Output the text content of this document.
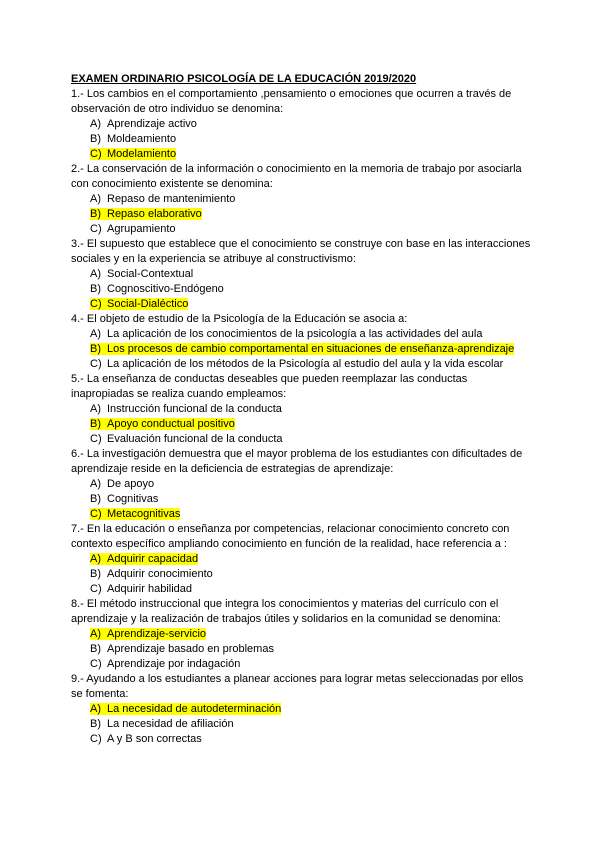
EXAMEN ORDINARIO PSICOLOGÍA DE LA EDUCACIÓN 2019/2020
1.- Los cambios en el comportamiento ,pensamiento o emociones que ocurren a través de observación de otro individuo se denomina:
A) Aprendizaje activo
B) Moldeamiento
C) Modelamiento
2.- La conservación de la información o conocimiento en la memoria de trabajo por asociarla con conocimiento existente se denomina:
A) Repaso de mantenimiento
B) Repaso elaborativo
C) Agrupamiento
3.- El supuesto que establece que el conocimiento se construye con base en las interacciones sociales y en la experiencia se atribuye al constructivismo:
A) Social-Contextual
B) Cognoscitivo-Endógeno
C) Social-Dialéctico
4.- El objeto de estudio de la Psicología de la Educación se asocia a:
A) La aplicación de los conocimientos de la psicología a las actividades del aula
B) Los procesos de cambio comportamental en situaciones de enseñanza-aprendizaje
C) La aplicación de los métodos de la Psicología al estudio del aula y la vida escolar
5.- La enseñanza de conductas deseables que pueden reemplazar las conductas inapropiadas se realiza cuando empleamos:
A) Instrucción funcional de la conducta
B) Apoyo conductual positivo
C) Evaluación funcional de la conducta
6.- La investigación demuestra que el mayor problema de los estudiantes con dificultades de aprendizaje reside en la deficiencia de estrategias de aprendizaje:
A) De apoyo
B) Cognitivas
C) Metacognitivas
7.- En la educación o enseñanza por competencias, relacionar conocimiento concreto con contexto específico ampliando conocimiento en función de la realidad, hace referencia a :
A) Adquirir capacidad
B) Adquirir conocimiento
C) Adquirir habilidad
8.- El método instruccional que integra los conocimientos y materias del currículo con el aprendizaje y la realización de trabajos útiles y solidarios en la comunidad se denomina:
A) Aprendizaje-servicio
B) Aprendizaje basado en problemas
C) Aprendizaje por indagación
9.- Ayudando a los estudiantes a planear acciones para lograr metas seleccionadas por ellos se fomenta:
A) La necesidad de autodeterminación
B) La necesidad de afiliación
C) A y B son correctas
